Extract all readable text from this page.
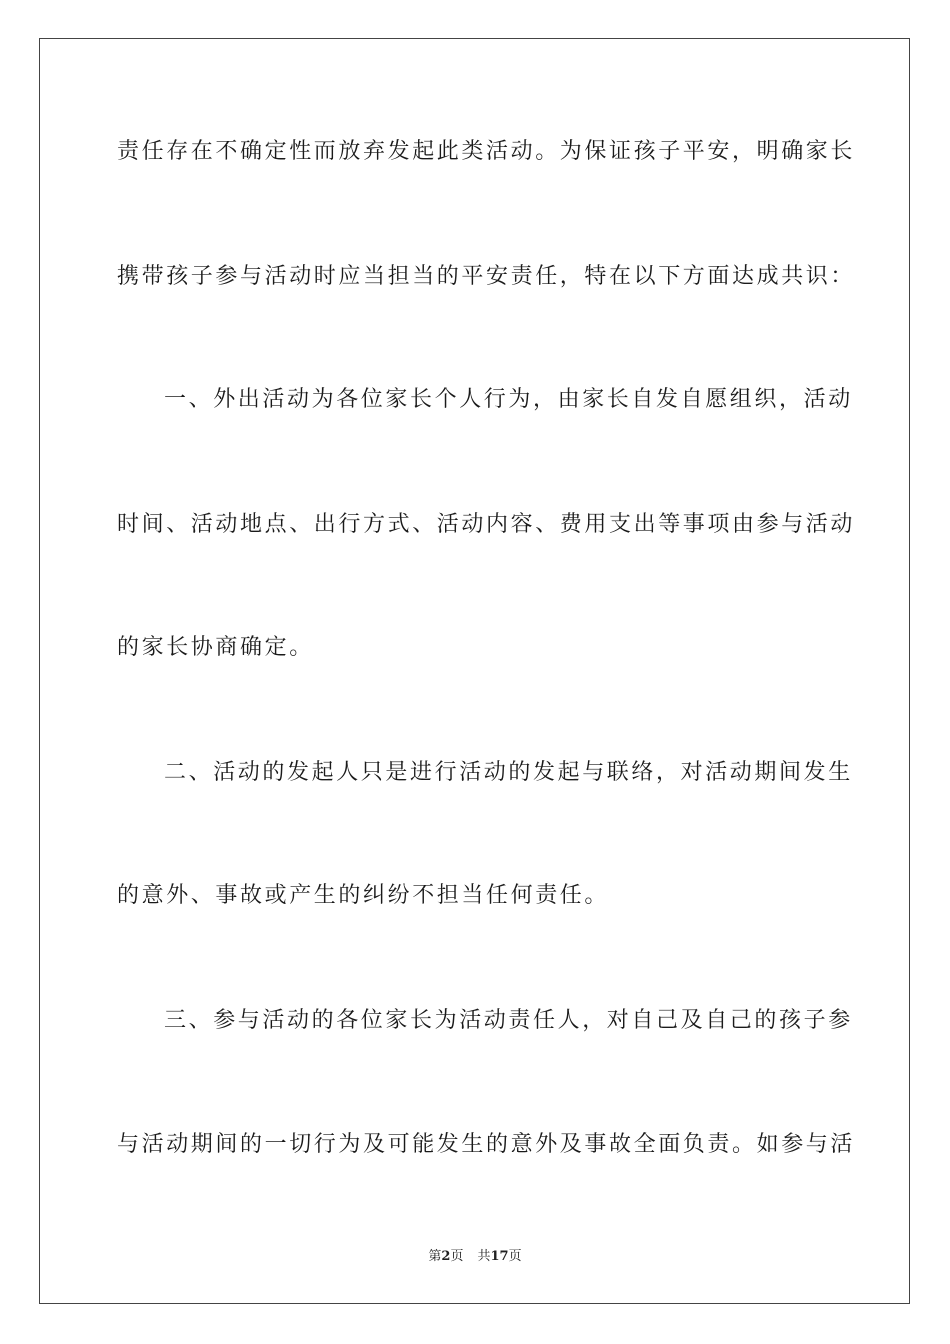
责任存在不确定性而放弃发起此类活动。为保证孩子平安，明确家长
携带孩子参与活动时应当担当的平安责任，特在以下方面达成共识：
一、外出活动为各位家长个人行为，由家长自发自愿组织，活动
时间、活动地点、出行方式、活动内容、费用支出等事项由参与活动
的家长协商确定。
二、活动的发起人只是进行活动的发起与联络，对活动期间发生
的意外、事故或产生的纠纷不担当任何责任。
三、参与活动的各位家长为活动责任人，对自己及自己的孩子参
与活动期间的一切行为及可能发生的意外及事故全面负责。如参与活
第2页 共17页
